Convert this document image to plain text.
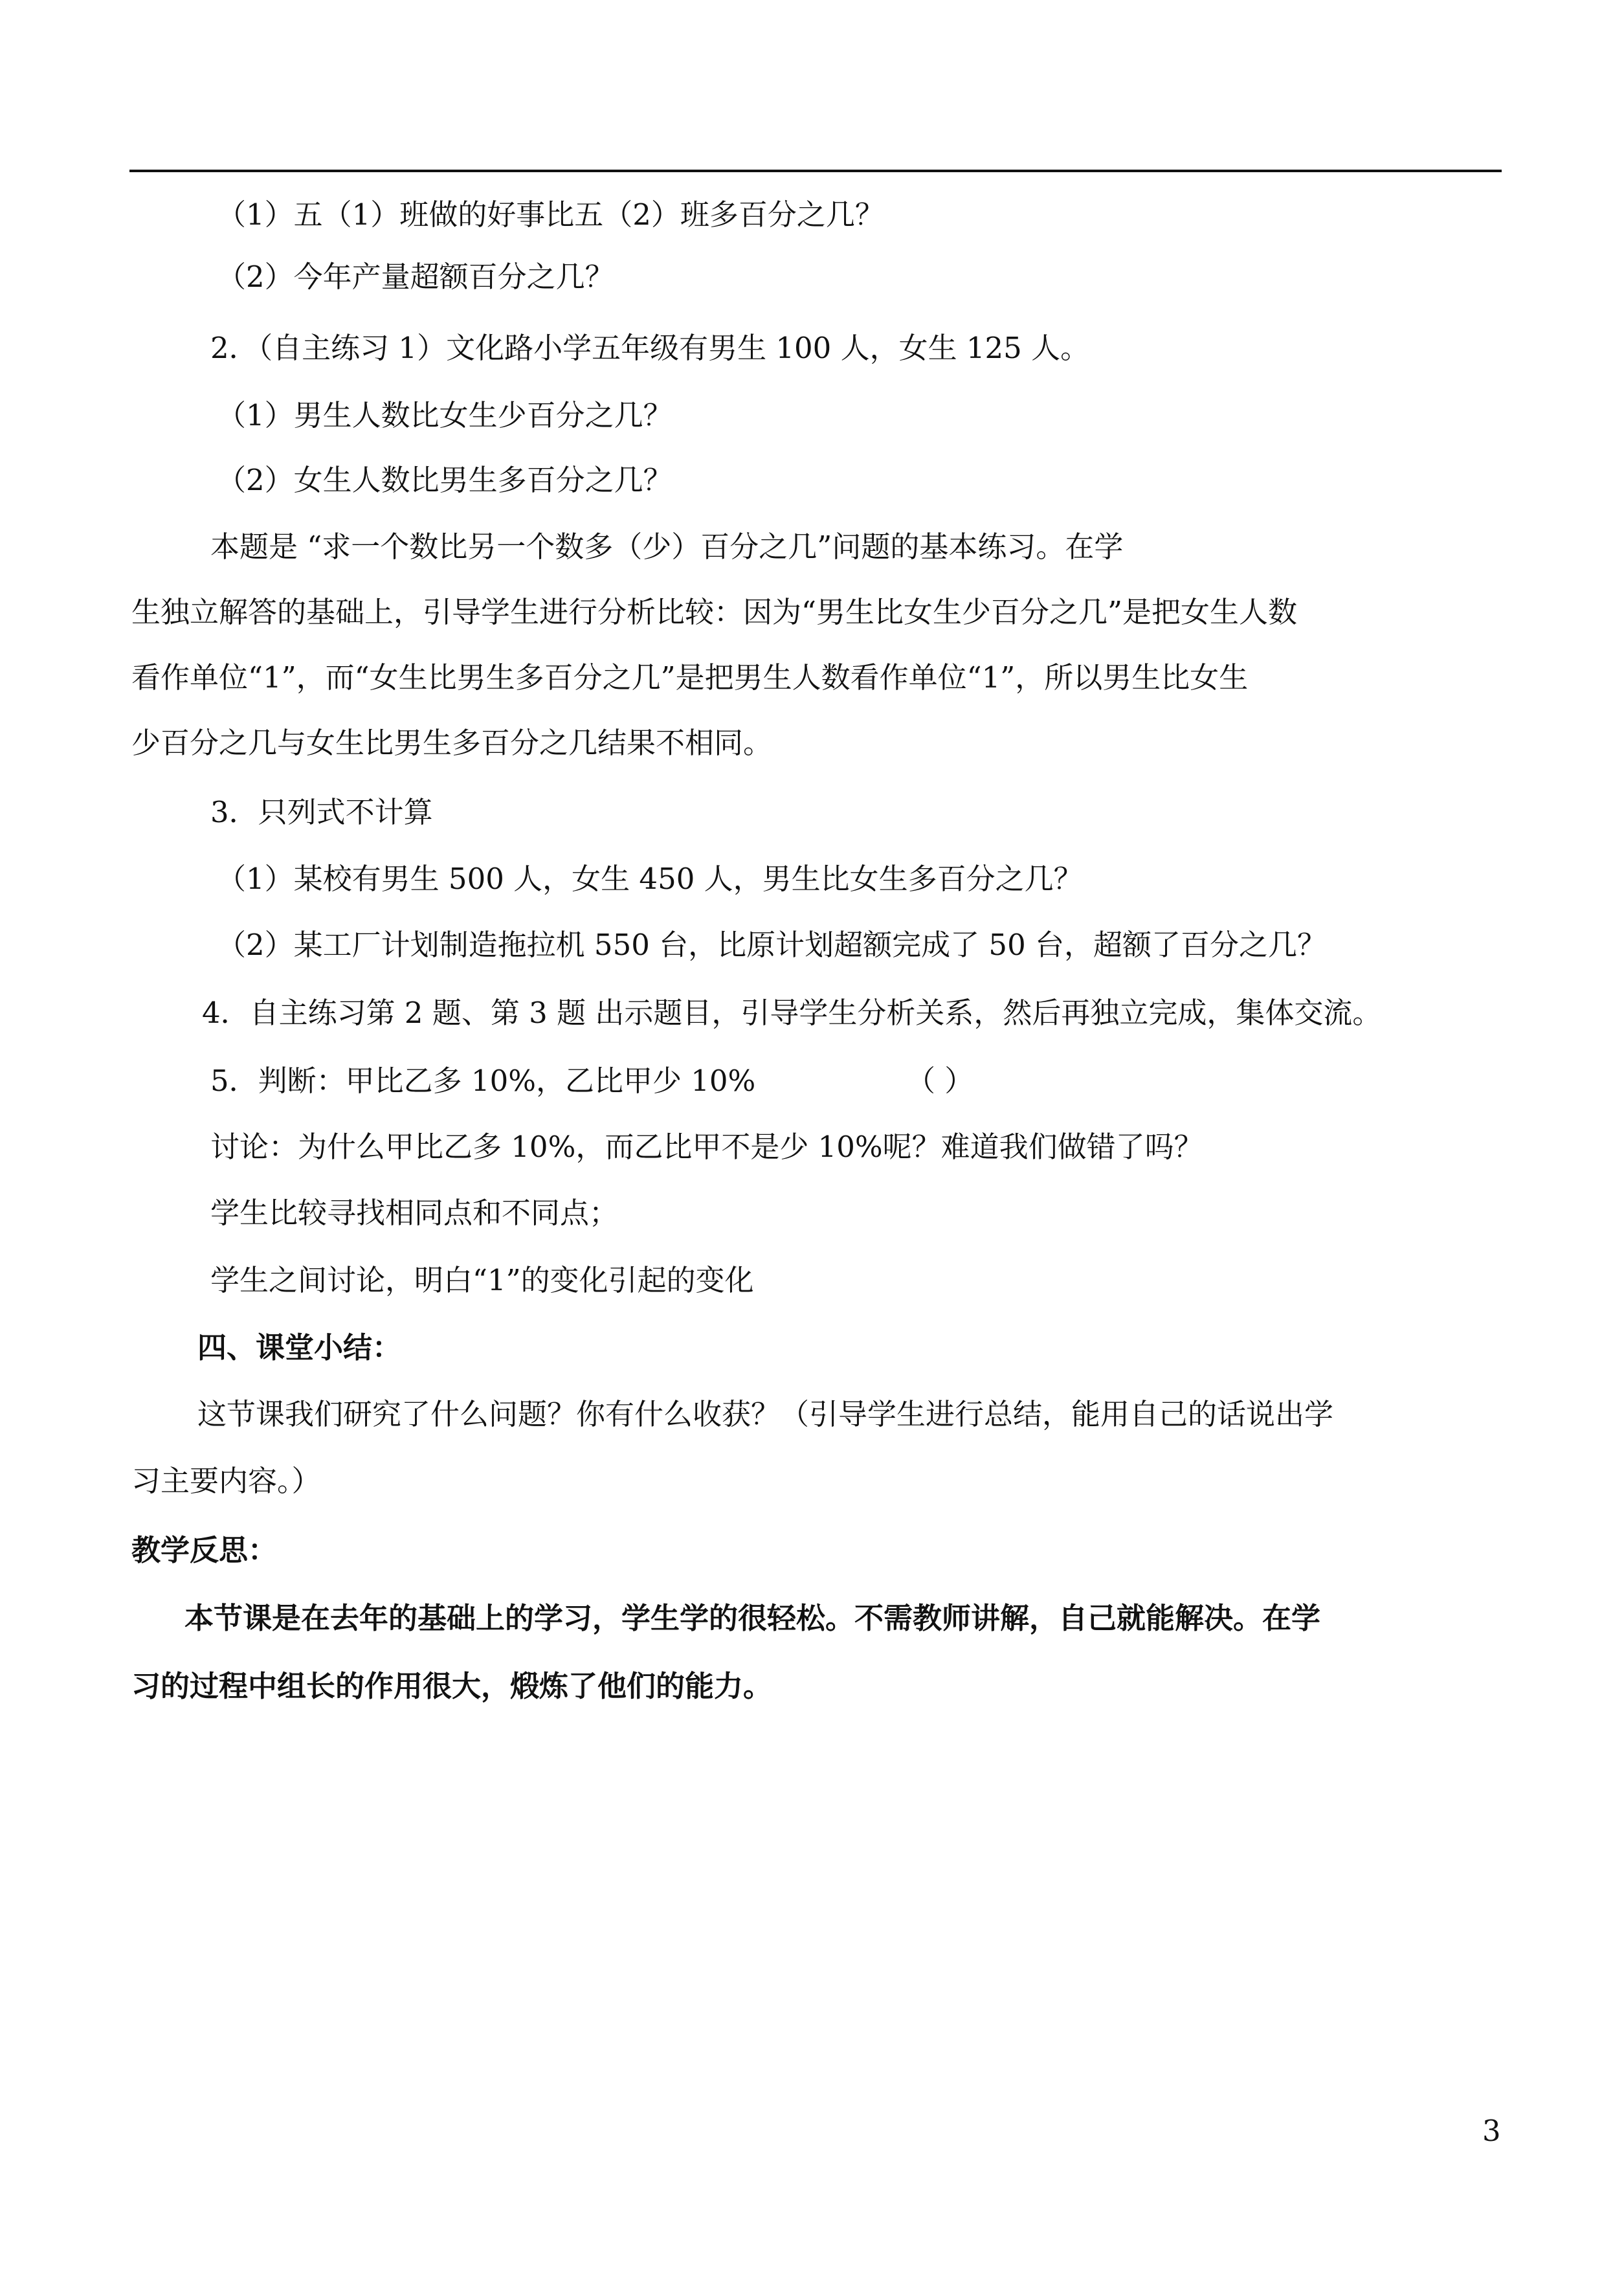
（1）五（1）班做的好事比五（2）班多百分之几？
（2）今年产量超额百分之几？
2．（自主练习 1）文化路小学五年级有男生 100 人，女生 125 人。
（1）男生人数比女生少百分之几？
（2）女生人数比男生多百分之几？
本题是 “求一个数比另一个数多（少）百分之几”问题的基本练习。在学
生独立解答的基础上，引导学生进行分析比较：因为“男生比女生少百分之几”是把女生人数
看作单位“1”，而“女生比男生多百分之几”是把男生人数看作单位“1”，所以男生比女生
少百分之几与女生比男生多百分之几结果不相同。
3．只列式不计算
（1）某校有男生 500 人，女生 450 人，男生比女生多百分之几？
（2）某工厂计划制造拖拉机 550 台，比原计划超额完成了 50 台，超额了百分之几？
4．自主练习第 2 题、第 3 题 出示题目，引导学生分析关系，然后再独立完成，集体交流。
5．判断：甲比乙多 10%，乙比甲少 10%	（ ）
讨论：为什么甲比乙多 10%，而乙比甲不是少 10%呢？难道我们做错了吗？
学生比较寻找相同点和不同点；
学生之间讨论，明白“1”的变化引起的变化
四、课堂小结：
这节课我们研究了什么问题？你有什么收获？（引导学生进行总结，能用自己的话说出学
习主要内容。）
教学反思：
本节课是在去年的基础上的学习，学生学的很轻松。不需教师讲解，自己就能解决。在学
习的过程中组长的作用很大，煅炼了他们的能力。
3
